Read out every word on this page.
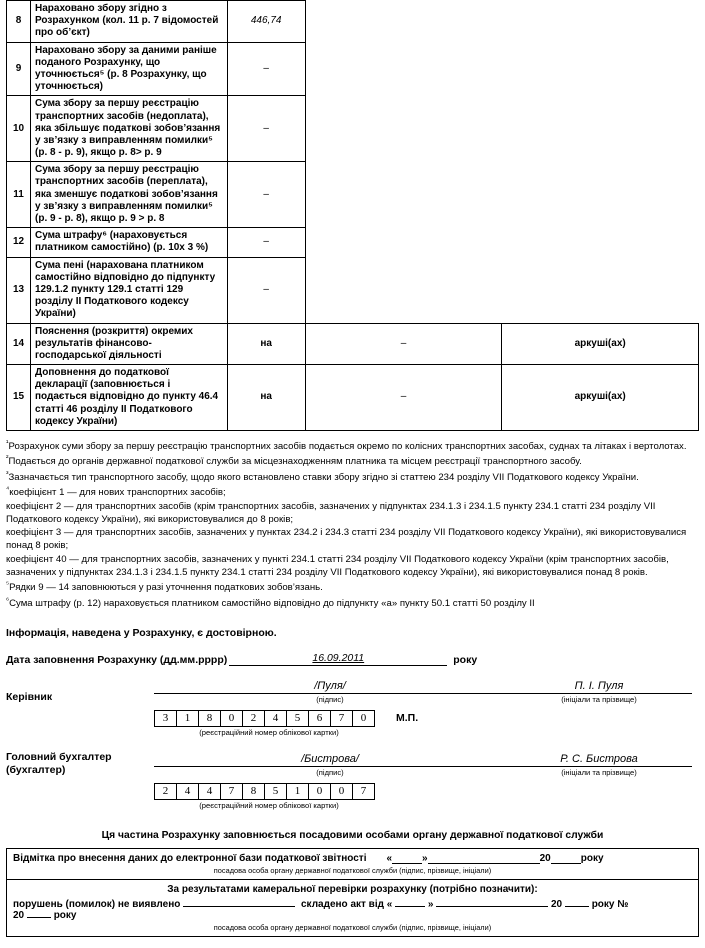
8	Нараховано збору згідно з Розрахунком (кол. 11 р. 7 відомостей про об’єкт)	446,74		
9	Нараховано збору за даними раніше поданого Розрахунку, що уточнюється⁵ (р. 8 Розрахунку, що уточнюється)	–		
10	Сума збору за першу реєстрацію транспортних засобів (недоплата), яка збільшує податкові зобов’язання у зв’язку з виправленням помилки⁵ (р. 8 - р. 9), якщо р. 8> р. 9	–		
11	Сума збору за першу реєстрацію транспортних засобів (переплата), яка зменшує податкові зобов’язання у зв’язку з виправленням помилки⁵ (р. 9 - р. 8), якщо р. 9 > р. 8	–		
12	Сума штрафу⁶ (нараховується платником самостійно) (р. 10х 3 %)	–		
13	Сума пені (нарахована платником самостійно відповідно до підпункту 129.1.2 пункту 129.1 статті 129 розділу ІІ Податкового кодексу України)	–		
14	Пояснення (розкриття) окремих результатів фінансово-господарської діяльності	на	–	аркуші(ах)
15	Доповнення до податкової декларації (заповнюється і подається відповідно до пункту 46.4 статті 46 розділу ІІ Податкового кодексу України)	на	–	аркуші(ах)

$^{^1}$Розрахунок суми збору за першу реєстрацію транспортних засобів подається окремо по колісних транспортних засобах, суднах та літаках і вертолотах.

$^{^2}$Подається до органів державної податкової служби за місцезнаходженням платника та місцем реєстрації транспортного засобу.

$^{^3}$Зазначається тип транспортного засобу, щодо якого встановлено ставки збору згідно зі статтею 234 розділу VII Податкового кодексу України.

$^{^4}$коефіцієнт 1 — для нових транспортних засобів;

коефіцієнт 2 — для транспортних засобів (крім транспортних засобів, зазначених у підпунктах 234.1.3 і 234.1.5 пункту 234.1 статті 234 розділу VII Податкового кодексу України), які використовувалися до 8 років;

коефіцієнт 3 — для транспортних засобів, зазначених у пунктах 234.2 і 234.3 статті 234 розділу VII Податкового кодексу України), які використовувалися понад 8 років;

коефіцієнт 40 — для транспортних засобів, зазначених у пункті 234.1 статті 234 розділу VII Податкового кодексу України (крім транспортних засобів, зазначених у підпунктах 234.1.3 і 234.1.5 пункту 234.1 статті 234 розділу VII Податкового кодексу України), які використовувалися понад 8 років.

$^{^5}$Рядки 9 — 14 заповнюються у разі уточнення податкових зобов’язань.

$^{^6}$Сума штрафу (р. 12) нараховується платником самостійно відповідно до підпункту «а» пункту 50.1 статті 50 розділу ІІ

Інформація, наведена у Розрахунку, є достовірною.
Дата заповнення Розрахунку (дд.мм.рррр)	16.09.2011	року
Керівник
/Пуля/
(підпис)
П. І. Пуля
(ініціали та прізвище)
3	1	8	0	2	4	5	6	7	0	М.П.
(реєстраційний номер облікової картки)
Головний бухгалтер (бухгалтер)
/Бистрова/
(підпис)
Р. С. Бистрова
(ініціали та прізвище)
2	4	4	7	8	5	1	0	0	7
(реєстраційний номер облікової картки)
Ця частина Розрахунку заповнюється посадовими особами органу державної податкової служби
Відмітка про внесення даних до електронної бази податкової звітності «	»	20	року
посадова особа органу державної податкової служби (підпис, прізвище, ініціали)

За результатами камеральної перевірки розрахунку (потрібно позначити):
порушень (помилок) не виявлено  20	року
складено акт від «	»	20	року №
посадова особа органу державної податкової служби (підпис, прізвище, ініціали)
